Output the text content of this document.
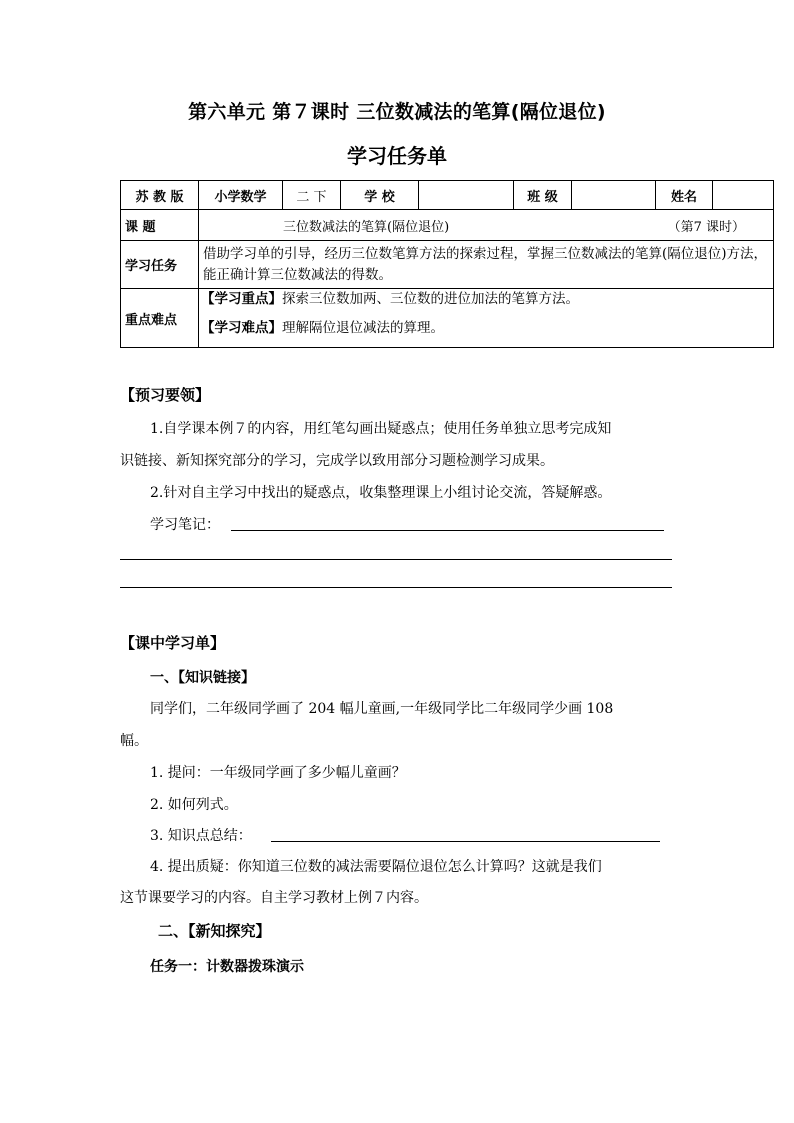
第六单元 第７课时 三位数减法的笔算(隔位退位)
学习任务单
苏 教 版	小学数学	二 下	学 校		班 级		姓名	
课 题	三位数减法的笔算(隔位退位) （第7 课时）							

学习任务	借助学习单的引导，经历三位数笔算方法的探索过程，掌握三位数减法的笔算(隔位退位)方法，能正确计算三位数减法的得数。							
重点难点	【学习重点】探索三位数加两、三位数的进位加法的笔算方法。
【学习难点】理解隔位退位减法的算理。							
【预习要领】
1.自学课本例７的内容，用红笔勾画出疑惑点；使用任务单独立思考完成知
识链接、新知探究部分的学习，完成学以致用部分习题检测学习成果。
2.针对自主学习中找出的疑惑点，收集整理课上小组讨论交流，答疑解惑。
学习笔记：
【课中学习单】
一、【知识链接】
同学们，二年级同学画了 204 幅儿童画,一年级同学比二年级同学少画 108
幅。
1. 提问：一年级同学画了多少幅儿童画？
2. 如何列式。
3. 知识点总结：
4. 提出质疑：你知道三位数的减法需要隔位退位怎么计算吗？这就是我们
这节课要学习的内容。自主学习教材上例７内容。
二、【新知探究】
任务一：计数器拨珠演示
